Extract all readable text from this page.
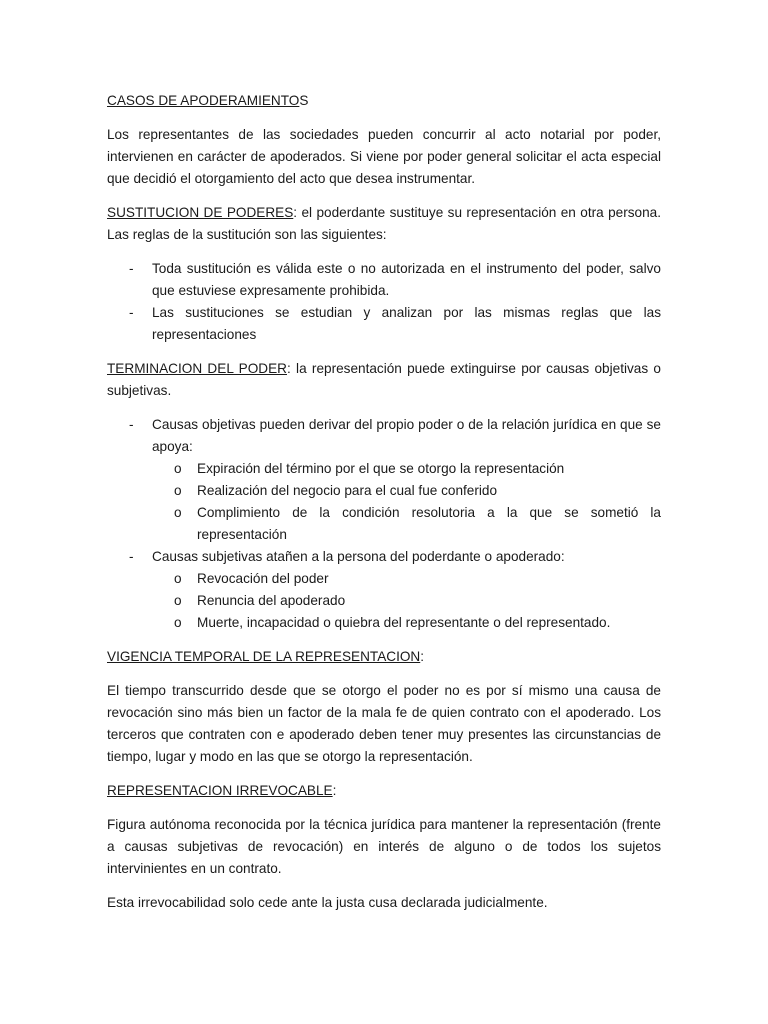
CASOS DE APODERAMIENTOS

Los representantes de las sociedades pueden concurrir al acto notarial por poder, intervienen en carácter de apoderados. Si viene por poder general solicitar el acta especial que decidió el otorgamiento del acto que desea instrumentar.

SUSTITUCION DE PODERES: el poderdante sustituye su representación en otra persona. Las reglas de la sustitución son las siguientes:

- Toda sustitución es válida este o no autorizada en el instrumento del poder, salvo que estuviese expresamente prohibida.
- Las sustituciones se estudian y analizan por las mismas reglas que las representaciones

TERMINACION DEL PODER: la representación puede extinguirse por causas objetivas o subjetivas.

- Causas objetivas pueden derivar del propio poder o de la relación jurídica en que se apoya:
o Expiración del término por el que se otorgo la representación
o Realización del negocio para el cual fue conferido
o Complimiento de la condición resolutoria a la que se sometió la representación
- Causas subjetivas atañen a la persona del poderdante o apoderado:
o Revocación del poder
o Renuncia del apoderado
o Muerte, incapacidad o quiebra del representante o del representado.

VIGENCIA TEMPORAL DE LA REPRESENTACION:

El tiempo transcurrido desde que se otorgo el poder no es por sí mismo una causa de revocación sino más bien un factor de la mala fe de quien contrato con el apoderado. Los terceros que contraten con e apoderado deben tener muy presentes las circunstancias de tiempo, lugar y modo en las que se otorgo la representación.

REPRESENTACION IRREVOCABLE:

Figura autónoma reconocida por la técnica jurídica para mantener la representación (frente a causas subjetivas de revocación) en interés de alguno o de todos los sujetos intervinientes en un contrato.

Esta irrevocabilidad solo cede ante la justa cusa declarada judicialmente.
